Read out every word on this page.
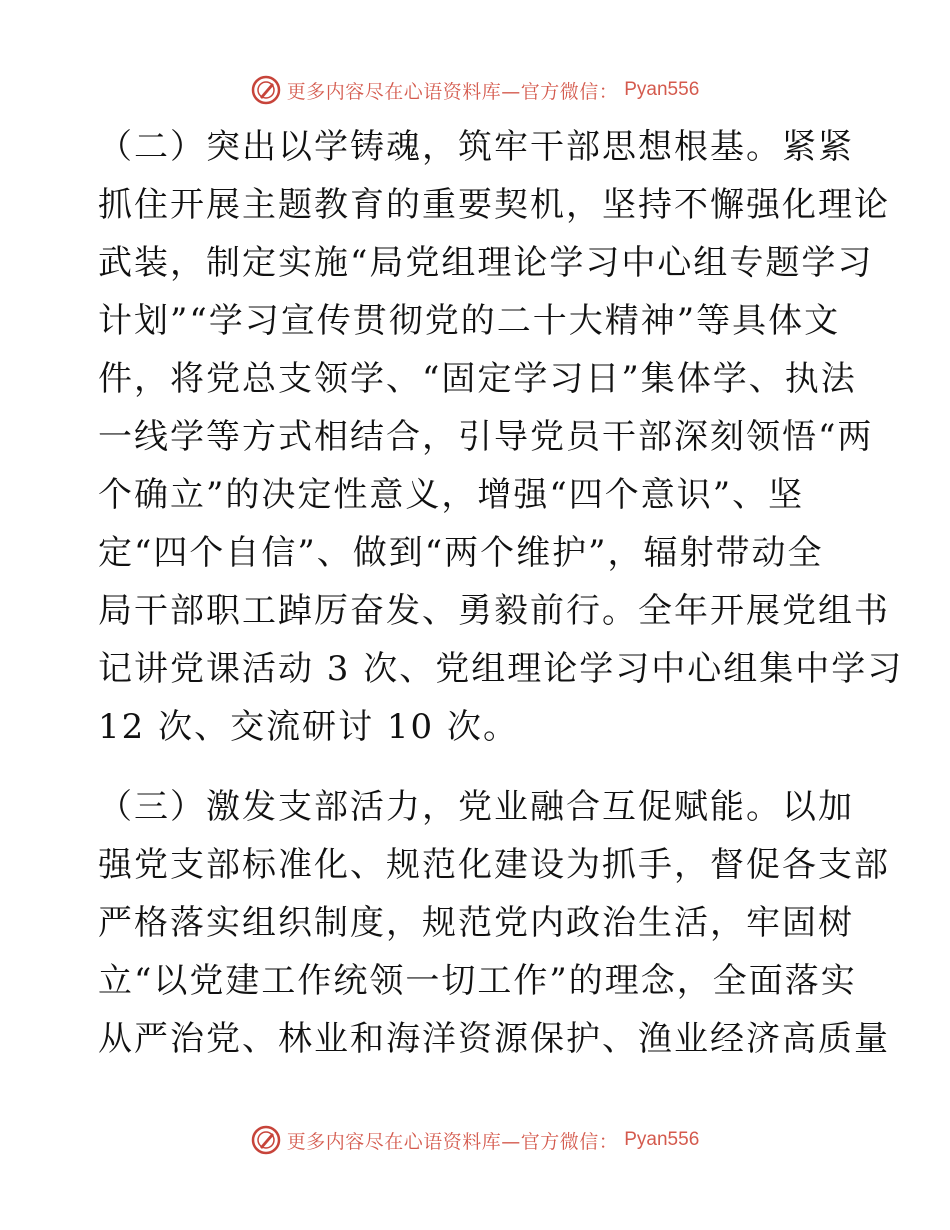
更多内容尽在心语资料库—官方微信： Pyan556
（二）突出以学铸魂，筑牢干部思想根基。紧紧
抓住开展主题教育的重要契机，坚持不懈强化理论
武装，制定实施“局党组理论学习中心组专题学习
计划”“学习宣传贯彻党的二十大精神”等具体文
件，将党总支领学、“固定学习日”集体学、执法
一线学等方式相结合，引导党员干部深刻领悟“两
个确立”的决定性意义，增强“四个意识”、坚
定“四个自信”、做到“两个维护”，辐射带动全
局干部职工踔厉奋发、勇毅前行。全年开展党组书
记讲党课活动 3 次、党组理论学习中心组集中学习
12 次、交流研讨 10 次。
（三）激发支部活力，党业融合互促赋能。以加
强党支部标准化、规范化建设为抓手，督促各支部
严格落实组织制度，规范党内政治生活，牢固树
立“以党建工作统领一切工作”的理念，全面落实
从严治党、林业和海洋资源保护、渔业经济高质量
更多内容尽在心语资料库—官方微信： Pyan556
